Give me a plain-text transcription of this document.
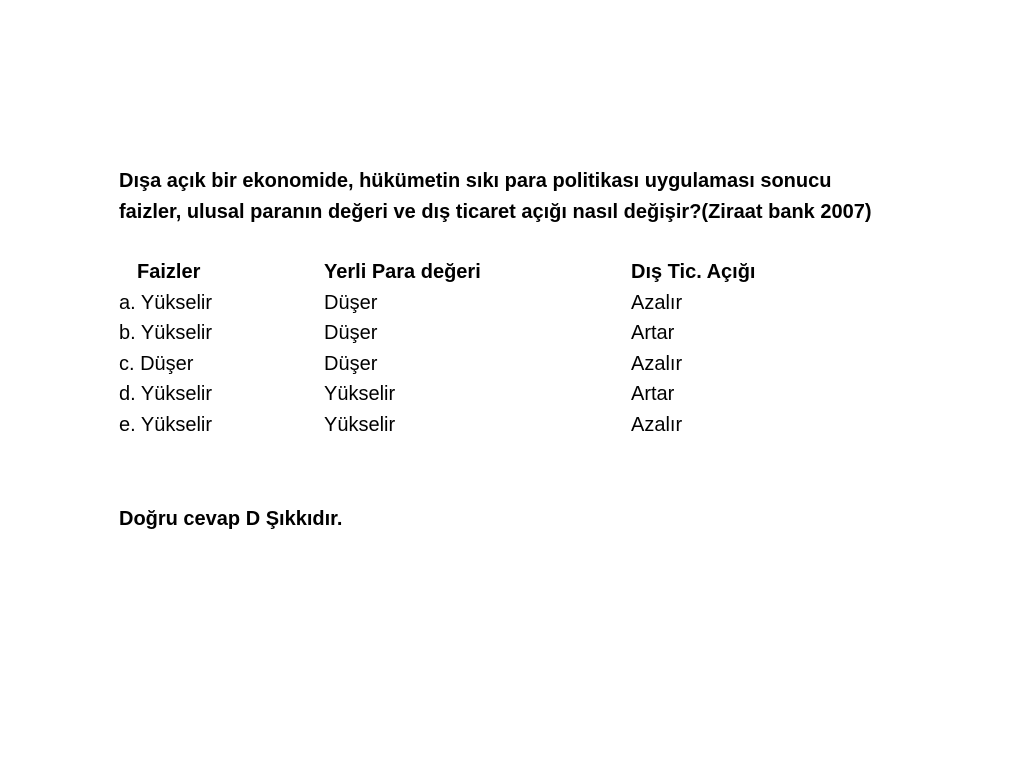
Dışa açık bir ekonomide, hükümetin sıkı para politikası uygulaması sonucu

faizler, ulusal paranın değeri ve dış ticaret açığı nasıl değişir?(Ziraat bank 2007)

Faizler	Yerli Para değeri	Dış Tic. Açığı
a. Yükselir	Düşer	Azalır
b. Yükselir	Düşer	Artar
c. Düşer	Düşer	Azalır
d. Yükselir	Yükselir	Artar
e. Yükselir	Yükselir	Azalır
Doğru cevap D Şıkkıdır.
